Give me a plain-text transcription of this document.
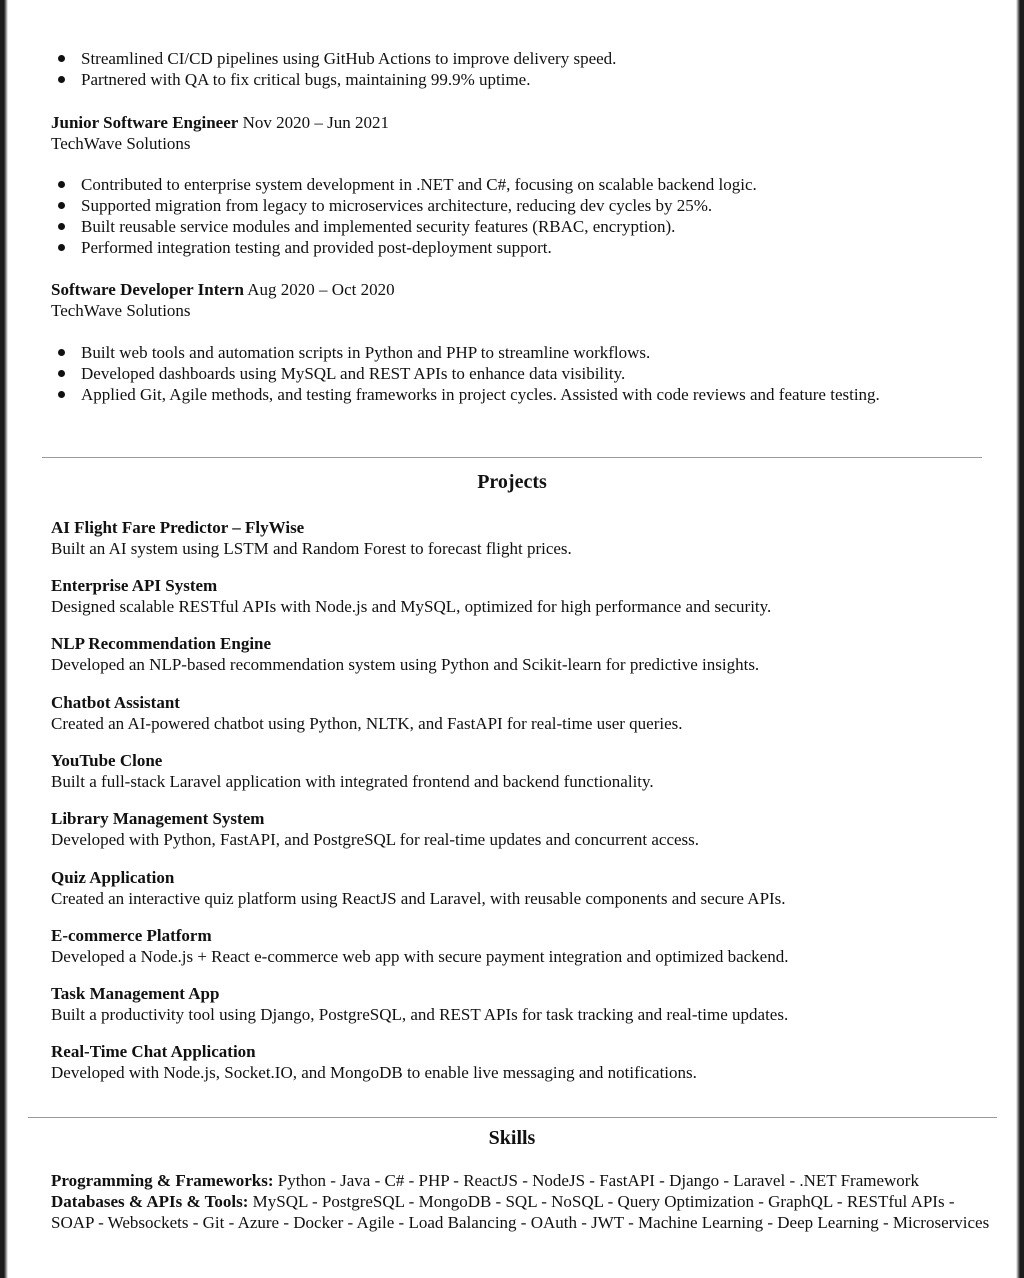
Streamlined CI/CD pipelines using GitHub Actions to improve delivery speed.
Partnered with QA to fix critical bugs, maintaining 99.9% uptime.
Junior Software Engineer Nov 2020 – Jun 2021
TechWave Solutions
Contributed to enterprise system development in .NET and C#, focusing on scalable backend logic.
Supported migration from legacy to microservices architecture, reducing dev cycles by 25%.
Built reusable service modules and implemented security features (RBAC, encryption).
Performed integration testing and provided post-deployment support.
Software Developer Intern Aug 2020 – Oct 2020
TechWave Solutions
Built web tools and automation scripts in Python and PHP to streamline workflows.
Developed dashboards using MySQL and REST APIs to enhance data visibility.
Applied Git, Agile methods, and testing frameworks in project cycles. Assisted with code reviews and feature testing.
Projects
AI Flight Fare Predictor – FlyWise
Built an AI system using LSTM and Random Forest to forecast flight prices.
Enterprise API System
Designed scalable RESTful APIs with Node.js and MySQL, optimized for high performance and security.
NLP Recommendation Engine
Developed an NLP-based recommendation system using Python and Scikit-learn for predictive insights.
Chatbot Assistant
Created an AI-powered chatbot using Python, NLTK, and FastAPI for real-time user queries.
YouTube Clone
Built a full-stack Laravel application with integrated frontend and backend functionality.
Library Management System
Developed with Python, FastAPI, and PostgreSQL for real-time updates and concurrent access.
Quiz Application
Created an interactive quiz platform using ReactJS and Laravel, with reusable components and secure APIs.
E-commerce Platform
Developed a Node.js + React e-commerce web app with secure payment integration and optimized backend.
Task Management App
Built a productivity tool using Django, PostgreSQL, and REST APIs for task tracking and real-time updates.
Real-Time Chat Application
Developed with Node.js, Socket.IO, and MongoDB to enable live messaging and notifications.
Skills
Programming & Frameworks: Python - Java - C# - PHP - ReactJS - NodeJS - FastAPI - Django - Laravel - .NET Framework
Databases & APIs & Tools: MySQL - PostgreSQL - MongoDB - SQL - NoSQL - Query Optimization - GraphQL - RESTful APIs - SOAP - Websockets - Git - Azure - Docker - Agile - Load Balancing - OAuth - JWT - Machine Learning - Deep Learning - Microservices
